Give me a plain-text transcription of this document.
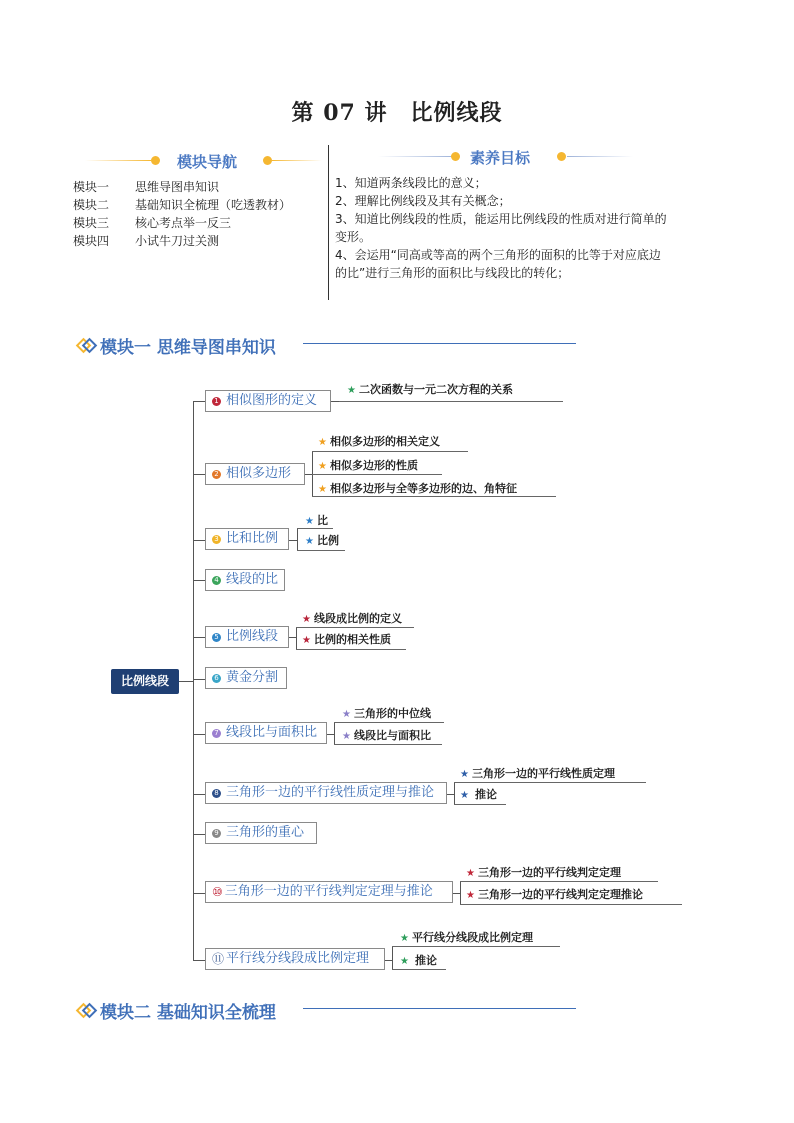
第 07 讲　比例线段
模块导航
模块一 思维导图串知识
模块二 基础知识全梳理（吃透教材）
模块三 核心考点举一反三
模块四 小试牛刀过关测
素养目标
1、知道两条线段比的意义；
2、理解比例线段及其有关概念；
3、知道比例线段的性质，能运用比例线段的性质对进行简单的
变形。
4、会运用“同高或等高的两个三角形的面积的比等于对应底边
的比”进行三角形的面积比与线段比的转化；
模块一 思维导图串知识
比例线段
1 相似图形的定义
★ 二次函数与一元二次方程的关系
2 相似多边形
★ 相似多边形的相关定义
★ 相似多边形的性质
★ 相似多边形与全等多边形的边、角特征
3 比和比例
★ 比
★ 比例
4 线段的比
5 比例线段
★ 线段成比例的定义
★ 比例的相关性质
6 黄金分割
7 线段比与面积比
★ 三角形的中位线
★ 线段比与面积比
8 三角形一边的平行线性质定理与推论
★ 三角形一边的平行线性质定理
★ 推论
9 三角形的重心
⑩ 三角形一边的平行线判定定理与推论
★ 三角形一边的平行线判定定理
★ 三角形一边的平行线判定定理推论
⑪ 平行线分线段成比例定理
★ 平行线分线段成比例定理
★ 推论
模块二 基础知识全梳理
